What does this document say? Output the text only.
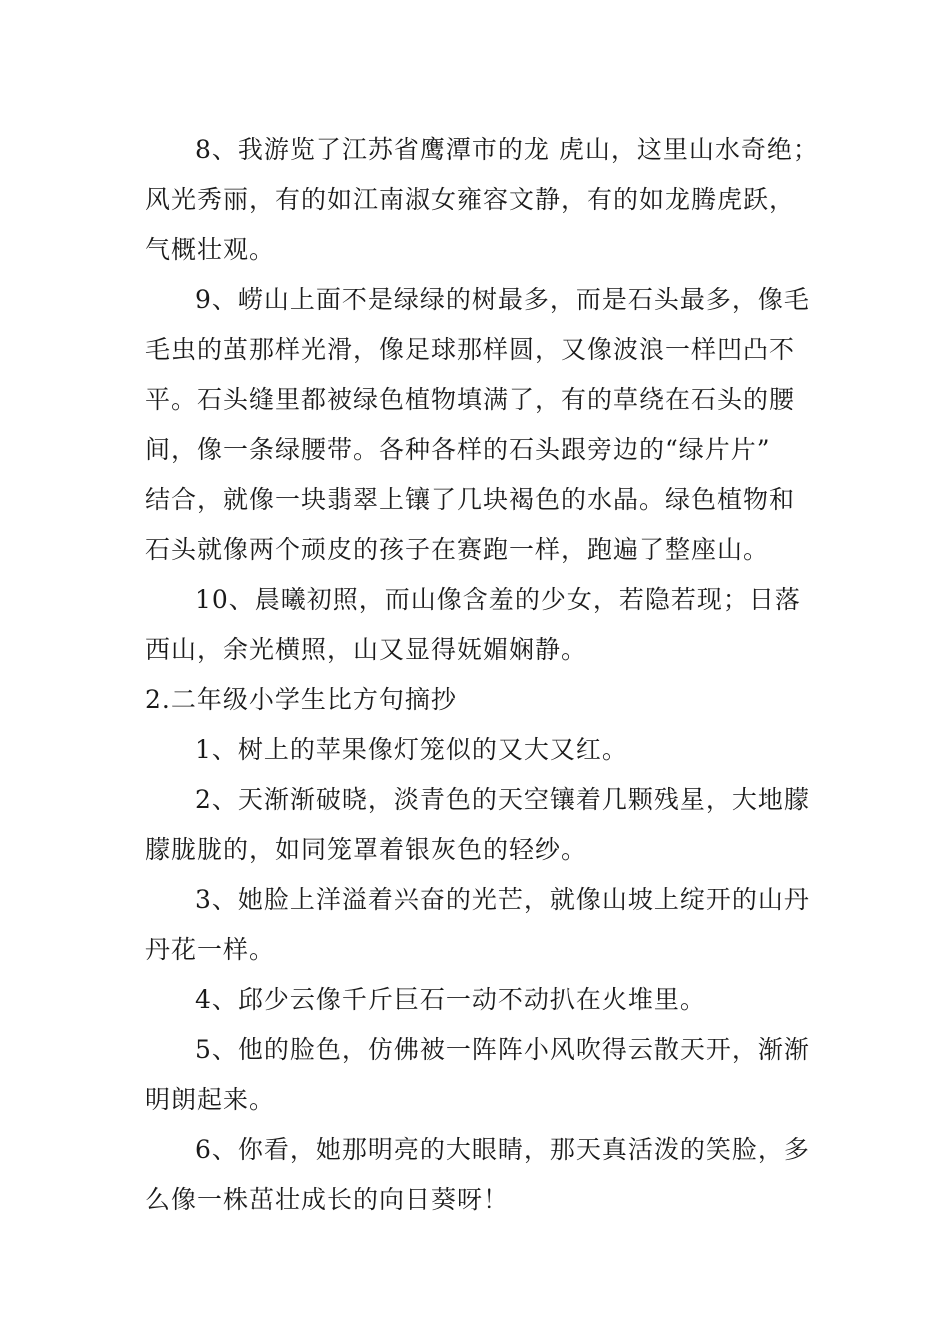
8、我游览了江苏省鹰潭市的龙 虎山，这里山水奇绝；
风光秀丽，有的如江南淑女雍容文静，有的如龙腾虎跃，
气概壮观。
9、崂山上面不是绿绿的树最多，而是石头最多，像毛
毛虫的茧那样光滑，像足球那样圆，又像波浪一样凹凸不
平。石头缝里都被绿色植物填满了，有的草绕在石头的腰
间，像一条绿腰带。各种各样的石头跟旁边的“绿片片”
结合，就像一块翡翠上镶了几块褐色的水晶。绿色植物和
石头就像两个顽皮的孩子在赛跑一样，跑遍了整座山。
10、晨曦初照，而山像含羞的少女，若隐若现；日落
西山，余光横照，山又显得妩媚娴静。
2.二年级小学生比方句摘抄
1、树上的苹果像灯笼似的又大又红。
2、天渐渐破晓，淡青色的天空镶着几颗残星，大地朦
朦胧胧的，如同笼罩着银灰色的轻纱。
3、她脸上洋溢着兴奋的光芒，就像山坡上绽开的山丹
丹花一样。
4、邱少云像千斤巨石一动不动扒在火堆里。
5、他的脸色，仿佛被一阵阵小风吹得云散天开，渐渐
明朗起来。
6、你看，她那明亮的大眼睛，那天真活泼的笑脸，多
么像一株茁壮成长的向日葵呀！
